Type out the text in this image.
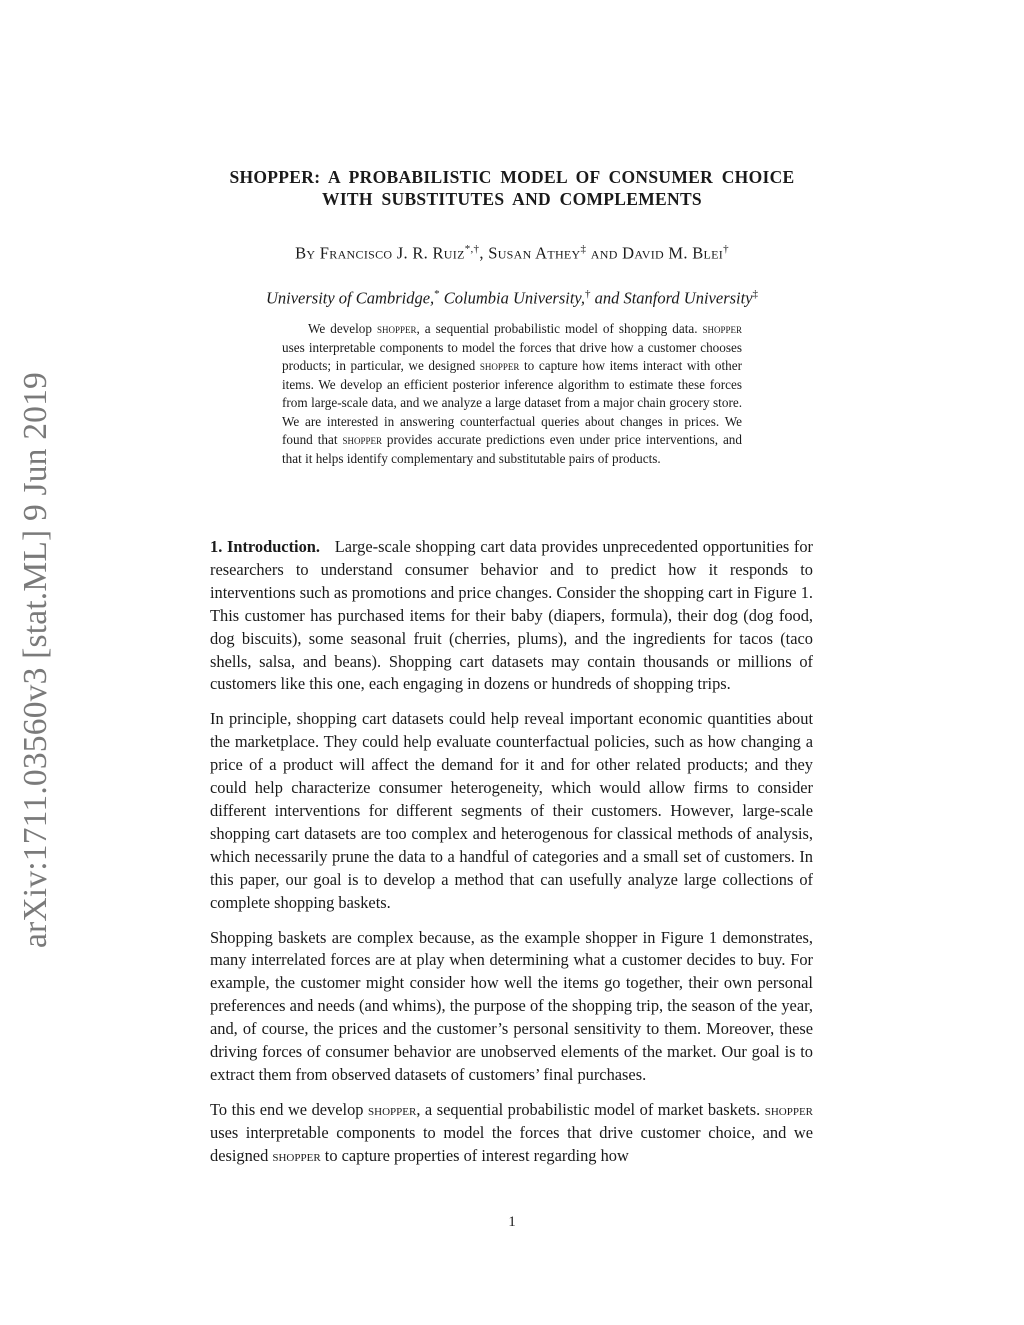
arXiv:1711.03560v3 [stat.ML] 9 Jun 2019
SHOPPER: A PROBABILISTIC MODEL OF CONSUMER CHOICE
WITH SUBSTITUTES AND COMPLEMENTS
By Francisco J. R. Ruiz*,†, Susan Athey‡ and David M. Blei†
University of Cambridge,* Columbia University,† and Stanford University‡
We develop shopper, a sequential probabilistic model of shopping data. shopper uses interpretable components to model the forces that drive how a customer chooses products; in particular, we designed shopper to capture how items interact with other items. We develop an efficient posterior inference algorithm to estimate these forces from large-scale data, and we analyze a large dataset from a major chain grocery store. We are interested in answering counterfactual queries about changes in prices. We found that shopper provides accurate predictions even under price interventions, and that it helps identify complementary and substitutable pairs of products.

1. Introduction. Large-scale shopping cart data provides unprecedented opportunities for researchers to understand consumer behavior and to predict how it responds to interventions such as promotions and price changes. Consider the shopping cart in Figure 1. This customer has purchased items for their baby (diapers, formula), their dog (dog food, dog biscuits), some seasonal fruit (cherries, plums), and the ingredients for tacos (taco shells, salsa, and beans). Shopping cart datasets may contain thousands or millions of customers like this one, each engaging in dozens or hundreds of shopping trips.

In principle, shopping cart datasets could help reveal important economic quantities about the marketplace. They could help evaluate counterfactual policies, such as how changing a price of a product will affect the demand for it and for other related products; and they could help characterize consumer heterogeneity, which would allow firms to consider different interventions for different segments of their customers. However, large-scale shopping cart datasets are too complex and heterogenous for classical methods of analysis, which necessarily prune the data to a handful of categories and a small set of customers. In this paper, our goal is to develop a method that can usefully analyze large collections of complete shopping baskets.

Shopping baskets are complex because, as the example shopper in Figure 1 demonstrates, many interrelated forces are at play when determining what a customer decides to buy. For example, the customer might consider how well the items go together, their own personal preferences and needs (and whims), the purpose of the shopping trip, the season of the year, and, of course, the prices and the customer’s personal sensitivity to them. Moreover, these driving forces of consumer behavior are unobserved elements of the market. Our goal is to extract them from observed datasets of customers’ final purchases.

To this end we develop shopper, a sequential probabilistic model of market baskets. shopper uses interpretable components to model the forces that drive customer choice, and we designed shopper to capture properties of interest regarding how

1
